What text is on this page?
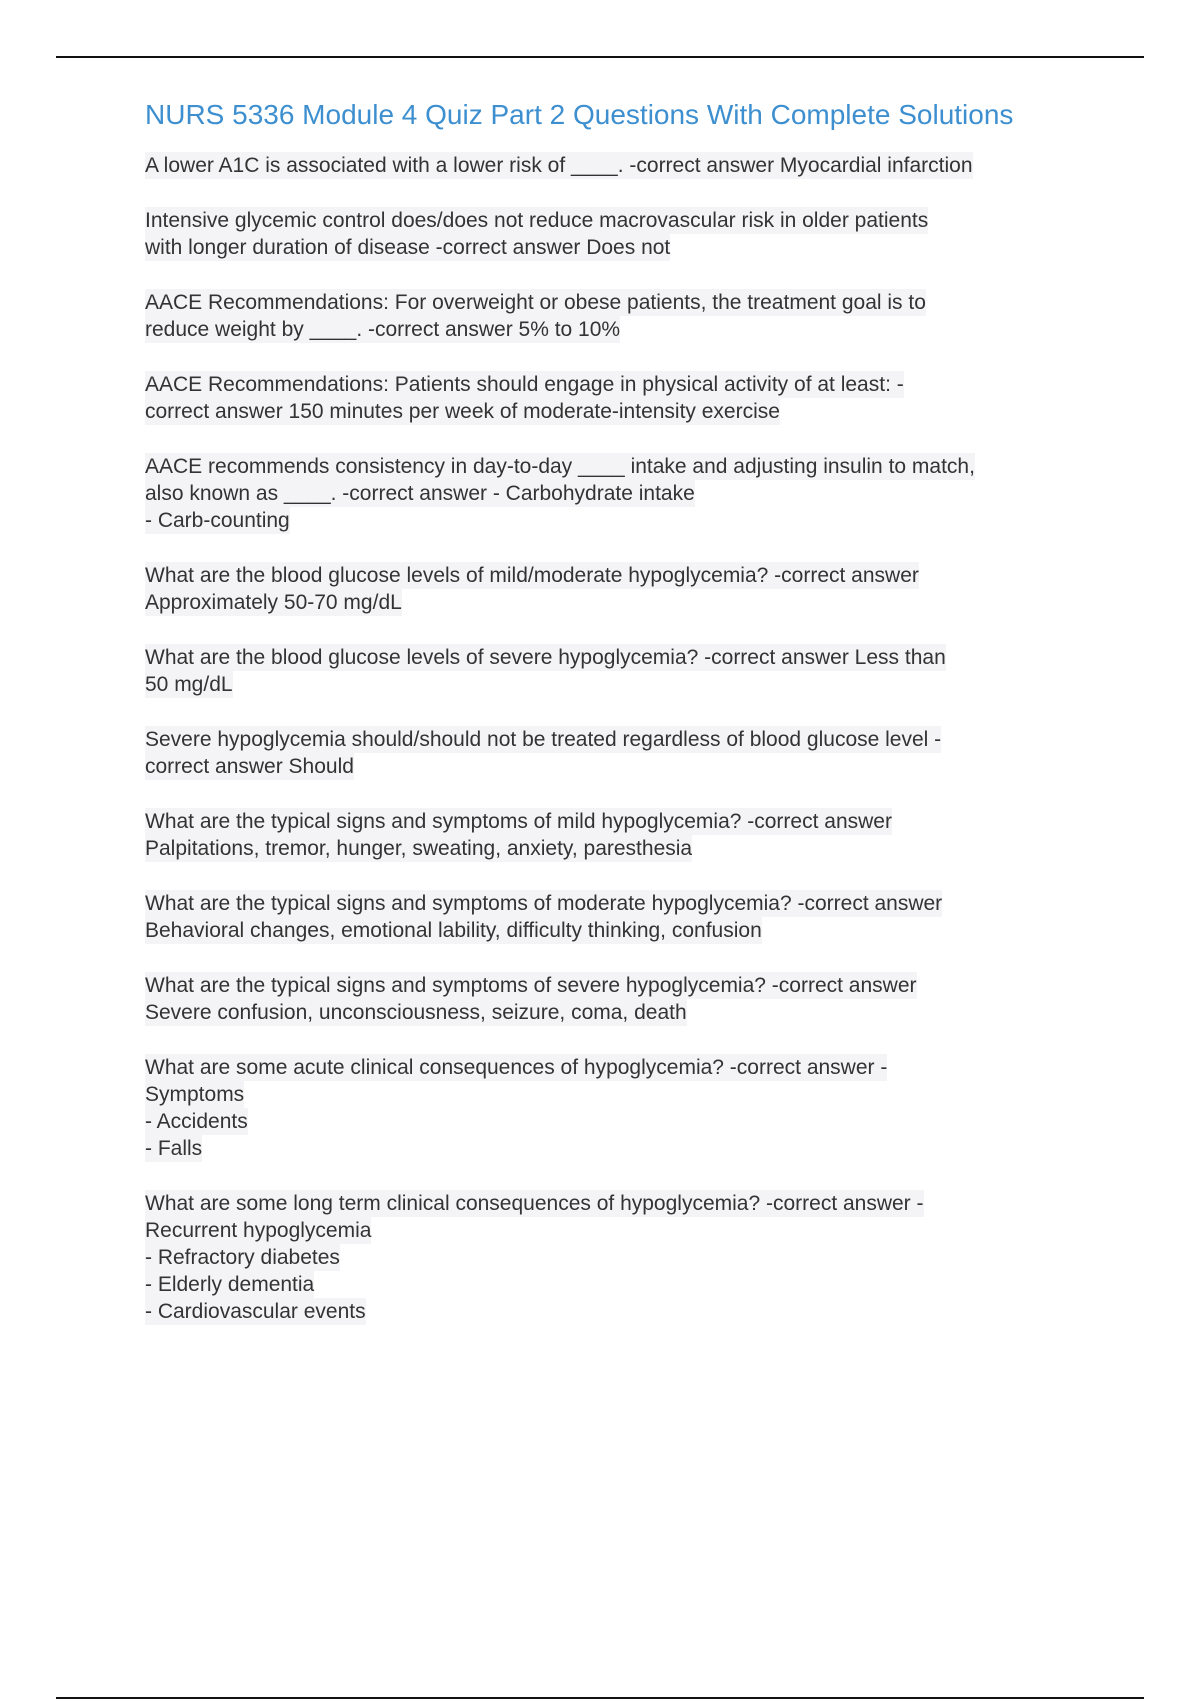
NURS 5336 Module 4 Quiz Part 2 Questions With Complete Solutions
A lower A1C is associated with a lower risk of ____. -correct answer Myocardial infarction
Intensive glycemic control does/does not reduce macrovascular risk in older patients
with longer duration of disease -correct answer Does not
AACE Recommendations: For overweight or obese patients, the treatment goal is to
reduce weight by ____. -correct answer 5% to 10%
AACE Recommendations: Patients should engage in physical activity of at least: -
correct answer 150 minutes per week of moderate-intensity exercise
AACE recommends consistency in day-to-day ____ intake and adjusting insulin to match,
also known as ____. -correct answer - Carbohydrate intake
- Carb-counting
What are the blood glucose levels of mild/moderate hypoglycemia? -correct answer
Approximately 50-70 mg/dL
What are the blood glucose levels of severe hypoglycemia? -correct answer Less than
50 mg/dL
Severe hypoglycemia should/should not be treated regardless of blood glucose level -
correct answer Should
What are the typical signs and symptoms of mild hypoglycemia? -correct answer
Palpitations, tremor, hunger, sweating, anxiety, paresthesia
What are the typical signs and symptoms of moderate hypoglycemia? -correct answer
Behavioral changes, emotional lability, difficulty thinking, confusion
What are the typical signs and symptoms of severe hypoglycemia? -correct answer
Severe confusion, unconsciousness, seizure, coma, death
What are some acute clinical consequences of hypoglycemia? -correct answer -
Symptoms
- Accidents
- Falls
What are some long term clinical consequences of hypoglycemia? -correct answer -
Recurrent hypoglycemia
- Refractory diabetes
- Elderly dementia
- Cardiovascular events
